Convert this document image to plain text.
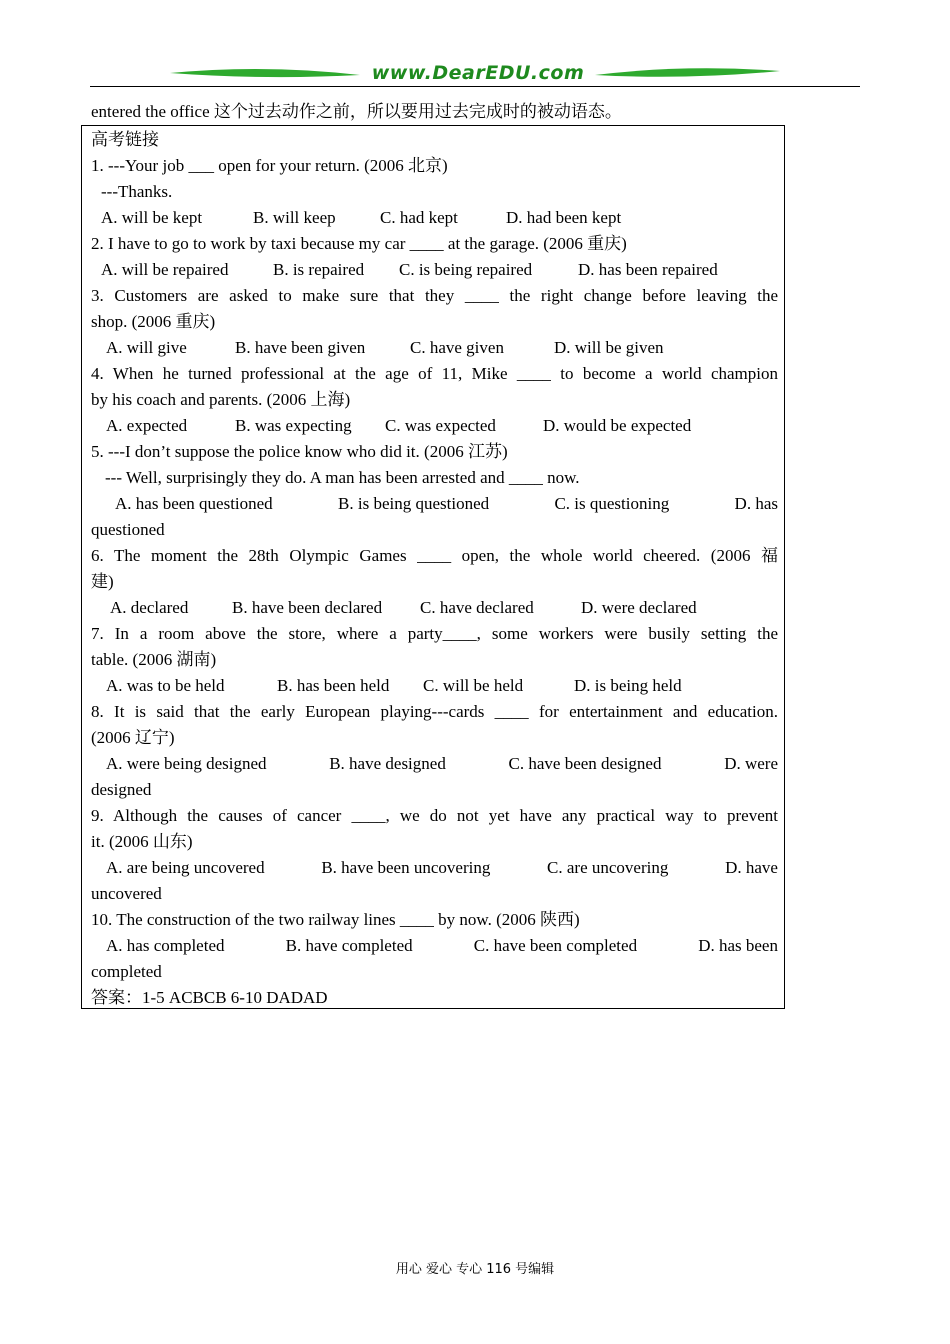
www.DearEDU.com
entered the office 这个过去动作之前，所以要用过去完成时的被动语态。
高考链接
1. ---Your job ___ open for your return. (2006 北京)
---Thanks.
A. will be kept	B. will keep	C. had kept	D. had been kept
2. I have to go to work by taxi because my car ____ at the garage. (2006 重庆)
A. will be repaired	B. is repaired	C. is being repaired	D. has been repaired
3. Customers are asked to make sure that they ____ the right change before leaving the
shop. (2006 重庆)
A. will give	B. have been given	C. have given	D. will be given
4. When he turned professional at the age of 11, Mike ____ to become a world champion
by his coach and parents. (2006 上海)
A. expected	B. was expecting	C. was expected	D. would be expected
5. ---I don’t suppose the police know who did it. (2006 江苏)
--- Well, surprisingly they do. A man has been arrested and ____ now.
A. has been questioned	B. is being questioned	C. is questioning	D. has
questioned
6. The moment the 28th Olympic Games ____ open, the whole world cheered. (2006 福
建)
A. declared	B. have been declared	C. have declared	D. were declared
7. In a room above the store, where a party____, some workers were busily setting the
table. (2006 湖南)
A. was to be held	B. has been held	C. will be held	D. is being held
8. It is said that the early European playing---cards ____ for entertainment and education.
(2006 辽宁)
A. were being designed	B. have designed	C. have been designed	D. were
designed
9. Although the causes of cancer ____, we do not yet have any practical way to prevent
it. (2006 山东)
A. are being uncovered	B. have been uncovering	C. are uncovering	D. have
uncovered
10. The construction of the two railway lines ____ by now. (2006 陕西)
A. has completed	B. have completed	C. have been completed	D. has been
completed
答案：1-5 ACBCB 6-10 DADAD
用心 爱心 专心 116 号编辑
